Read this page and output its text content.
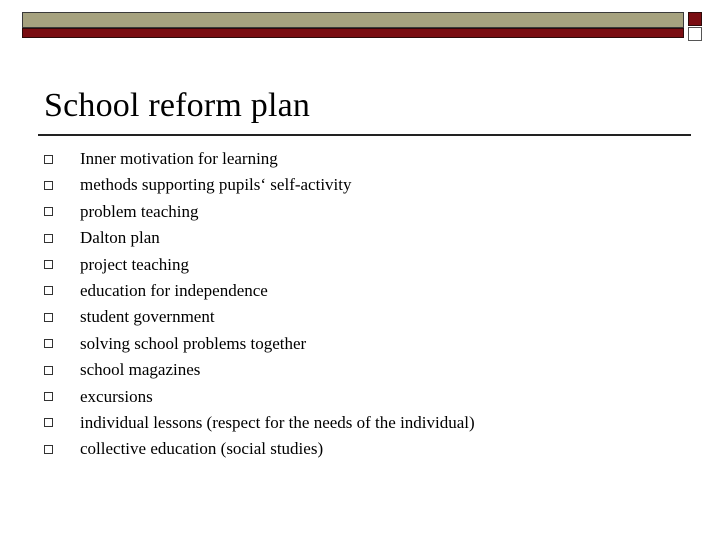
School reform plan
Inner motivation for learning
methods supporting pupils‘ self-activity
problem teaching
Dalton plan
project teaching
education for independence
student government
solving school problems together
school magazines
excursions
individual lessons (respect for the needs of the individual)
collective education (social studies)
